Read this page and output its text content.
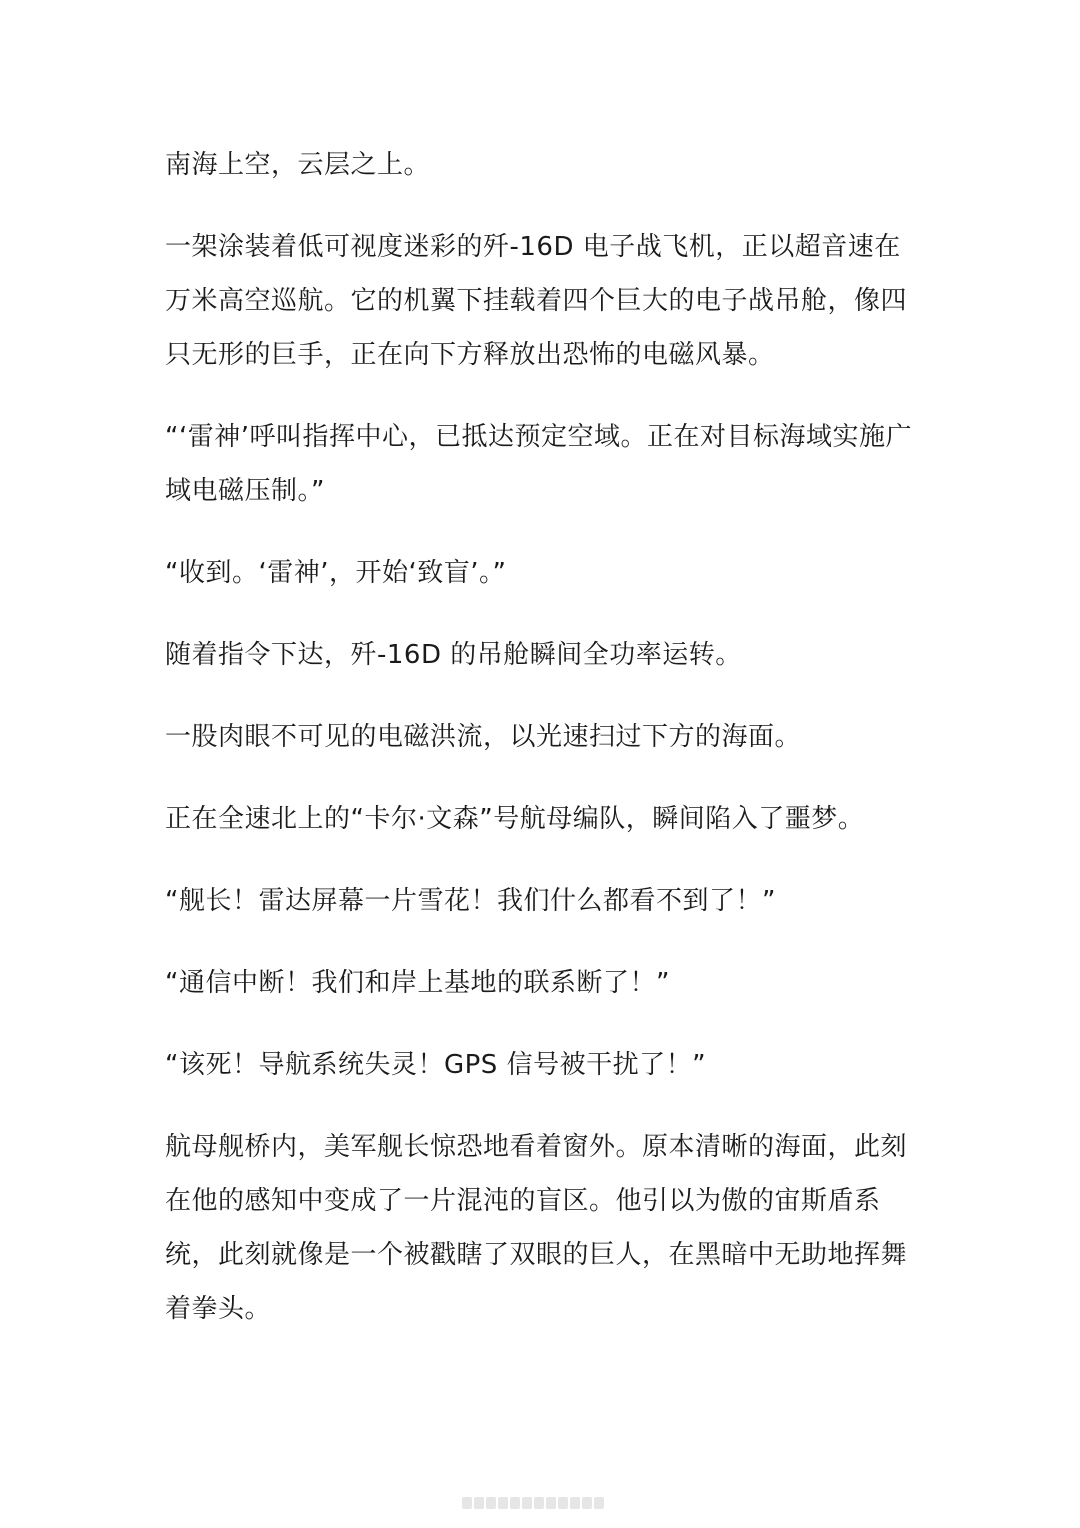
南海上空，云层之上。

一架涂装着低可视度迷彩的歼-16D 电子战飞机，正以超音速在万米高空巡航。它的机翼下挂载着四个巨大的电子战吊舱，像四只无形的巨手，正在向下方释放出恐怖的电磁风暴。

“‘雷神’呼叫指挥中心，已抵达预定空域。正在对目标海域实施广域电磁压制。”

“收到。‘雷神’，开始‘致盲’。”

随着指令下达，歼-16D 的吊舱瞬间全功率运转。

一股肉眼不可见的电磁洪流，以光速扫过下方的海面。

正在全速北上的“卡尔·文森”号航母编队，瞬间陷入了噩梦。

“舰长！雷达屏幕一片雪花！我们什么都看不到了！”

“通信中断！我们和岸上基地的联系断了！”

“该死！导航系统失灵！GPS 信号被干扰了！”

航母舰桥内，美军舰长惊恐地看着窗外。原本清晰的海面，此刻在他的感知中变成了一片混沌的盲区。他引以为傲的宙斯盾系统，此刻就像是一个被戳瞎了双眼的巨人，在黑暗中无助地挥舞着拳头。
